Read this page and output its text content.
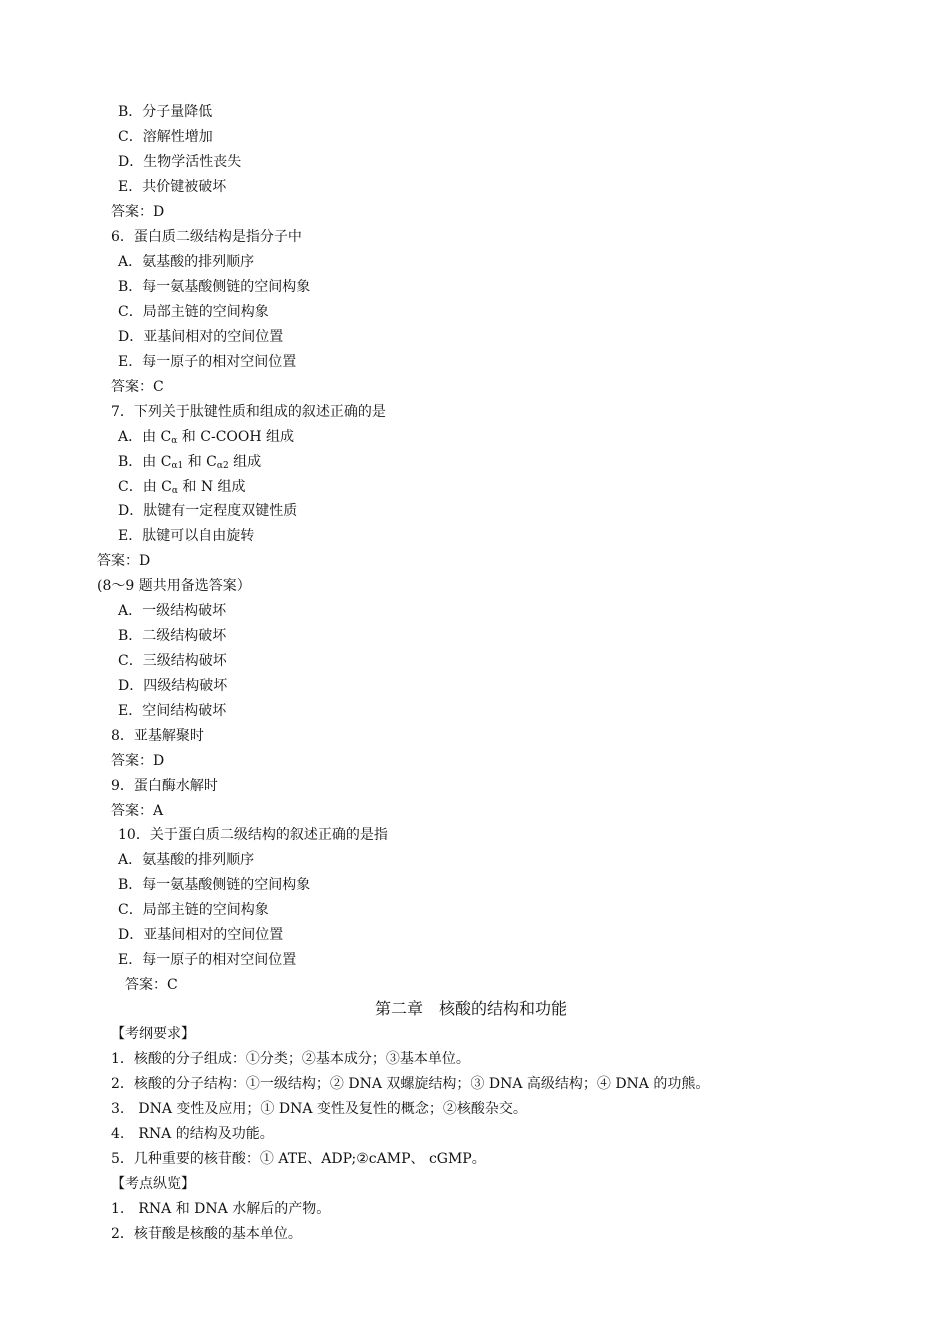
B．分子量降低
C．溶解性增加
D．生物学活性丧失
E．共价键被破坏
答案：D
6．蛋白质二级结构是指分子中
A．氨基酸的排列顺序
B．每一氨基酸侧链的空间构象
C．局部主链的空间构象
D．亚基间相对的空间位置
E．每一原子的相对空间位置
答案：C
7．下列关于肽键性质和组成的叙述正确的是
A．由 $C_\alpha$ 和 C-COOH 组成
B．由 $C_{\alpha 1}$ 和 $C_{\alpha 2}$ 组成
C．由 $C_\alpha$ 和 N 组成
D．肽键有一定程度双键性质
E．肽键可以自由旋转
答案：D
(8～9 题共用备选答案）
A．一级结构破坏
B．二级结构破坏
C．三级结构破坏
D．四级结构破坏
E．空间结构破坏
8．亚基解聚时
答案：D
9．蛋白酶水解时
答案：A
10．关于蛋白质二级结构的叙述正确的是指
A．氨基酸的排列顺序
B．每一氨基酸侧链的空间构象
C．局部主链的空间构象
D．亚基间相对的空间位置
E．每一原子的相对空间位置
答案：C
第二章　核酸的结构和功能
【考纲要求】
1．核酸的分子组成：①分类；②基本成分；③基本单位。
2．核酸的分子结构：①一级结构；② DNA 双螺旋结构；③ DNA 高级结构；④ DNA 的功熊。
3.　DNA 变性及应用；① DNA 变性及复性的概念；②核酸杂交。
4.　RNA 的结构及功能。
5．几种重要的核苷酸：① ATE、ADP;②cAMP、 cGMP。
【考点纵览】
1.　RNA 和 DNA 水解后的产物。
2．核苷酸是核酸的基本单位。
